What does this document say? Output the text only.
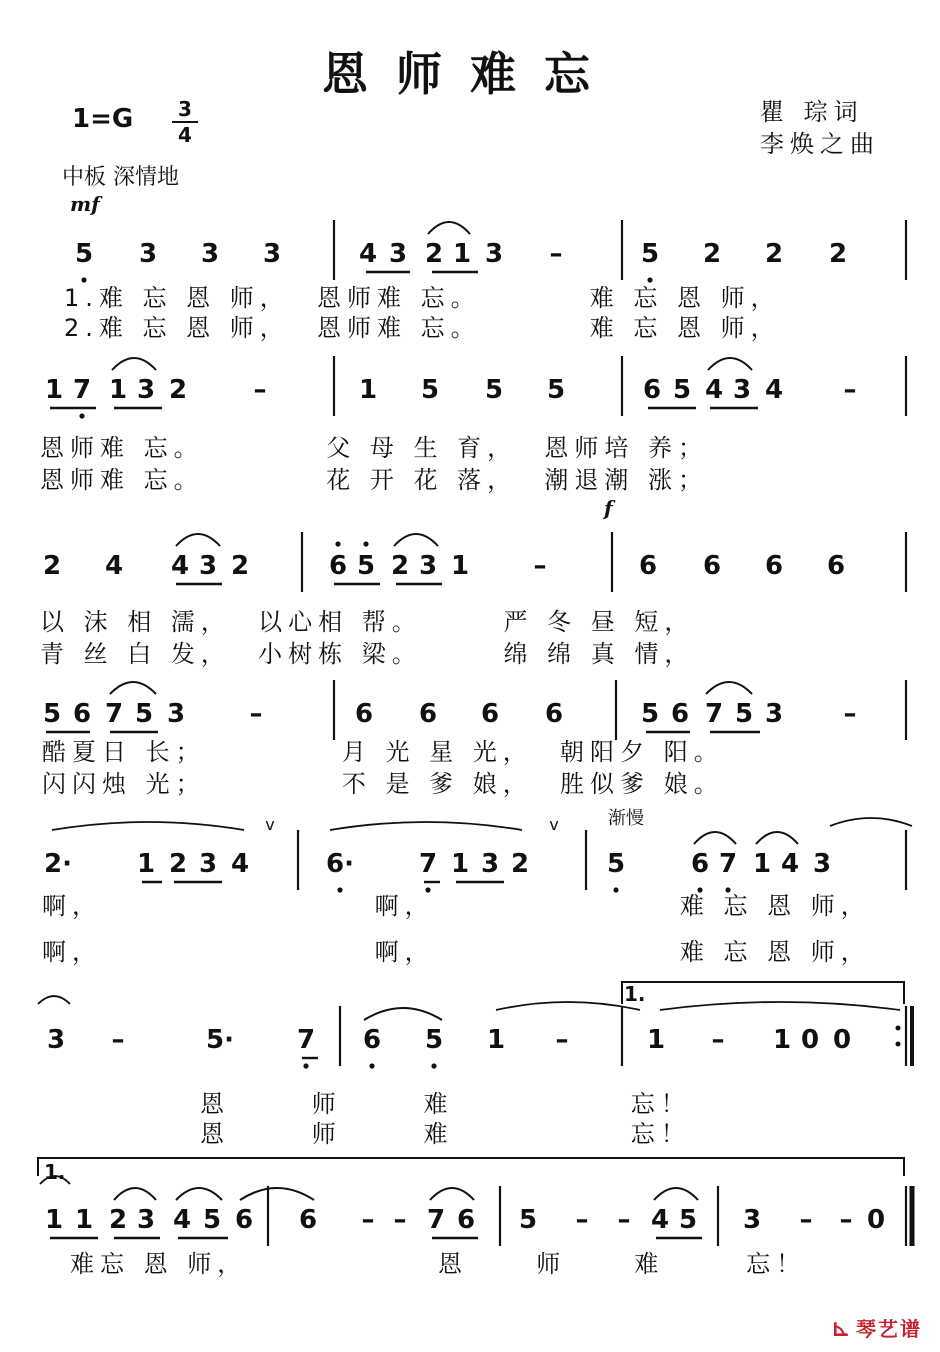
恩师难忘
1=G	3
4
瞿 琮词
李焕之曲
中板 深情地
mf
f
渐慢
1.
1.
5 3 3 3	4 3 2 1 3 –	5 2 2 2
1 7 1 3 2	–	1 5 5 5	6 5 4 3 4 –
2 4 4 3 2	6 5 2 3 1 –	6 6 6 6
5 6 7 5 3 –	6 6 6 6	5 6 7 5 3 –
2· 1 2 3 4	6· 7 1 3 2	5	6 7 1 4 3
3 –	5· 7 6 5 1 –	1 – 1 0 0
1 1 2 3 4 5 6 6 – – 7 6 5 – – 4 5 3 – – 0
v	v
⊾ 琴艺谱
1.难 忘 恩 师，  恩师难 忘。        难 忘 恩 师，
2.难 忘 恩 师，  恩师难 忘。        难 忘 恩 师，
恩师难 忘。         父 母 生 育，  恩师培 养；
恩师难 忘。         花 开 花 落，  潮退潮 涨；
以 沫 相 濡，  以心相 帮。      严 冬 昼 短，
青 丝 白 发，  小树栋 梁。      绵 绵 真 情，
酷夏日 长；          月 光 星 光，  朝阳夕 阳。
闪闪烛 光；          不 是 爹 娘，  胜似爹 娘。
啊，                    啊，                  难 忘 恩 师，
啊，                    啊，                  难 忘 恩 师，
恩      师      难             忘！
恩      师      难             忘！
难忘 恩 师，              恩     师     难      忘！
